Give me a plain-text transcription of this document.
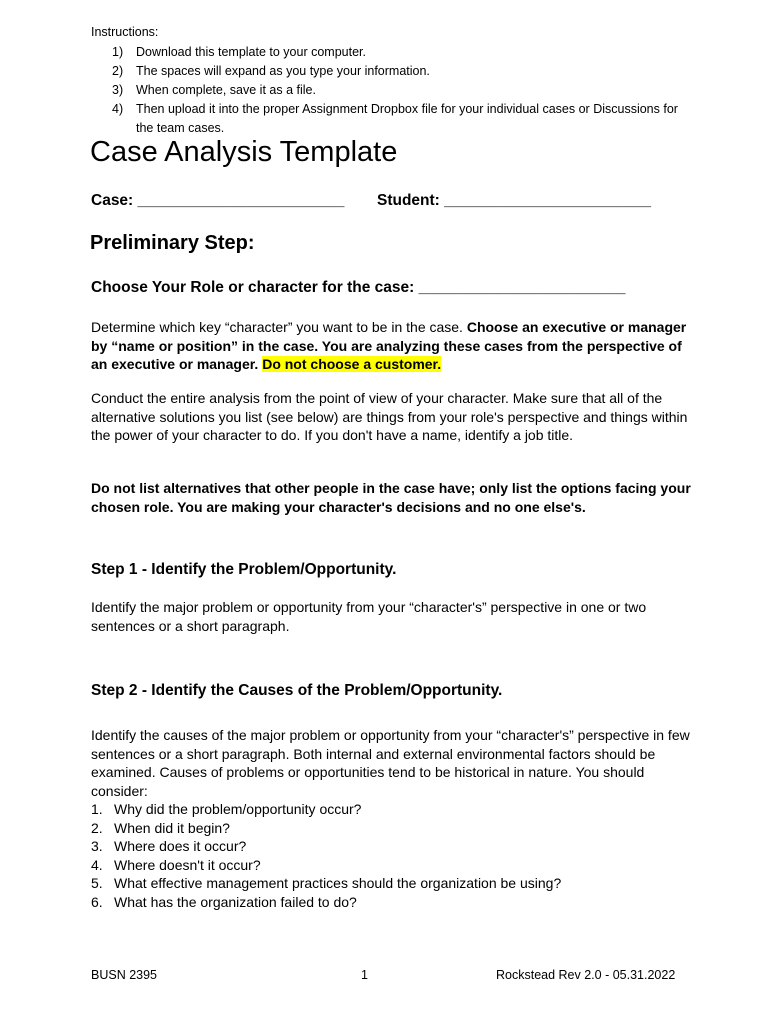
Instructions:
1) Download this template to your computer.
2) The spaces will expand as you type your information.
3) When complete, save it as a file.
4) Then upload it into the proper Assignment Dropbox file for your individual cases or Discussions for the team cases.
Case Analysis Template
Case: ________________________ Student: ________________________
Preliminary Step:
Choose Your Role or character for the case: ________________________

Determine which key “character” you want to be in the case. Choose an executive or manager by “name or position” in the case. You are analyzing these cases from the perspective of an executive or manager. Do not choose a customer.

Conduct the entire analysis from the point of view of your character. Make sure that all of the alternative solutions you list (see below) are things from your role's perspective and things within the power of your character to do. If you don't have a name, identify a job title.

Do not list alternatives that other people in the case have; only list the options facing your chosen role. You are making your character's decisions and no one else's.

Step 1 - Identify the Problem/Opportunity.

Identify the major problem or opportunity from your “character's” perspective in one or two sentences or a short paragraph.

Step 2 - Identify the Causes of the Problem/Opportunity.

Identify the causes of the major problem or opportunity from your “character's” perspective in few sentences or a short paragraph. Both internal and external environmental factors should be examined. Causes of problems or opportunities tend to be historical in nature. You should consider:

1. Why did the problem/opportunity occur?
2. When did it begin?
3. Where does it occur?
4. Where doesn't it occur?
5. What effective management practices should the organization be using?
6. What has the organization failed to do?
BUSN 2395	1	Rockstead Rev 2.0 - 05.31.2022
